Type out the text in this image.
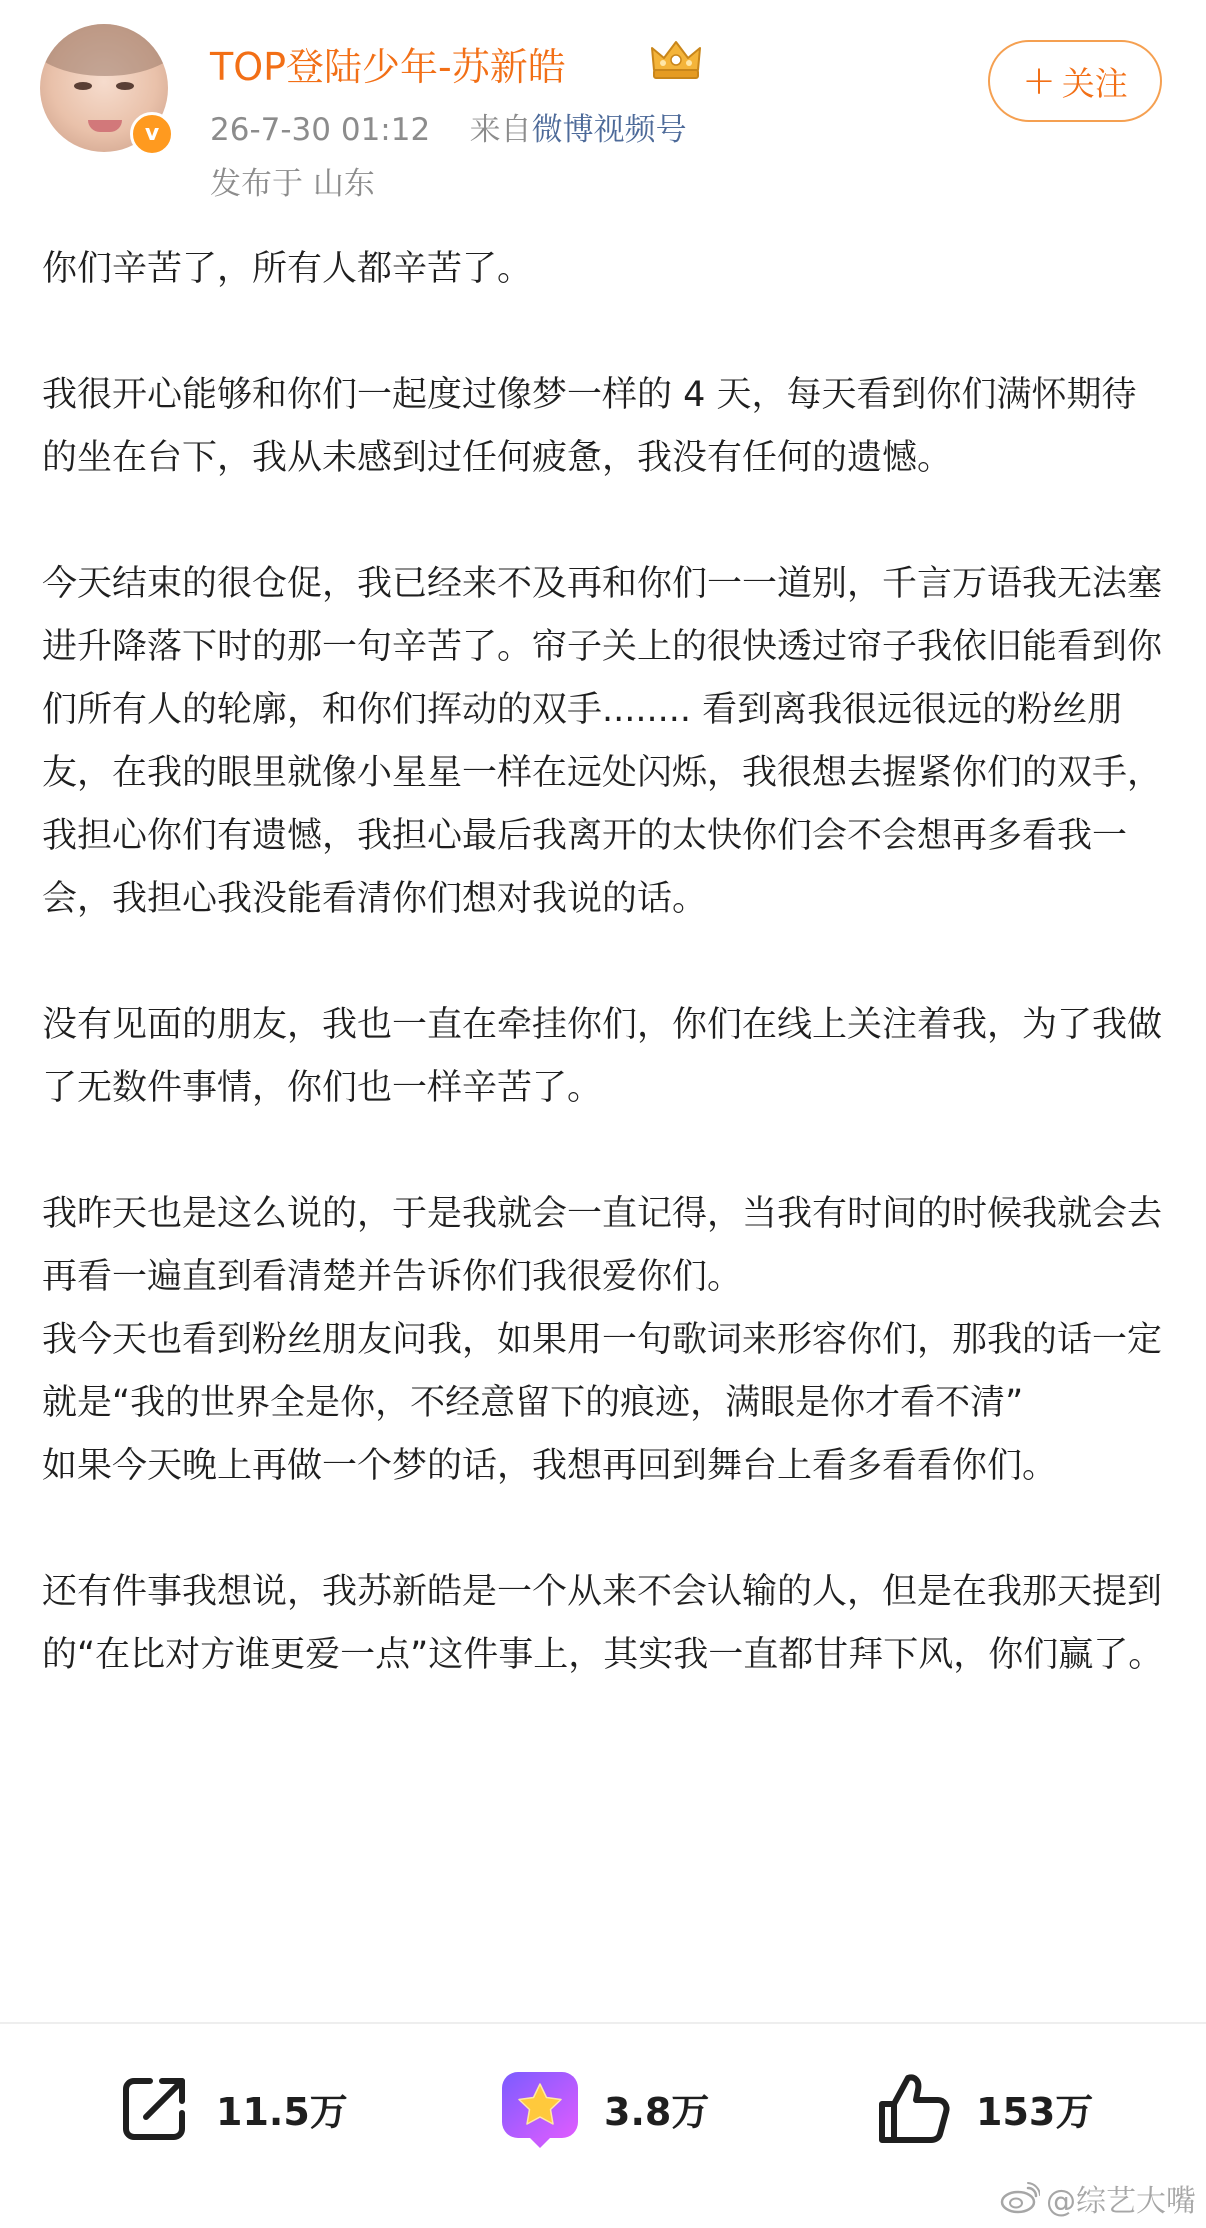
v
TOP登陆少年-苏新皓
26-7-30 01:12 来自微博视频号
发布于 山东
+ 关注

你们辛苦了，所有人都辛苦了。

我很开心能够和你们一起度过像梦一样的 4 天，每天看到你们满怀期待的坐在台下，我从未感到过任何疲惫，我没有任何的遗憾。

今天结束的很仓促，我已经来不及再和你们一一道别，千言万语我无法塞进升降落下时的那一句辛苦了。帘子关上的很快透过帘子我依旧能看到你们所有人的轮廓，和你们挥动的双手........ 看到离我很远很远的粉丝朋友，在我的眼里就像小星星一样在远处闪烁，我很想去握紧你们的双手，我担心你们有遗憾，我担心最后我离开的太快你们会不会想再多看我一会，我担心我没能看清你们想对我说的话。

没有见面的朋友，我也一直在牵挂你们，你们在线上关注着我，为了我做了无数件事情，你们也一样辛苦了。

我昨天也是这么说的，于是我就会一直记得，当我有时间的时候我就会去再看一遍直到看清楚并告诉你们我很爱你们。
我今天也看到粉丝朋友问我，如果用一句歌词来形容你们，那我的话一定就是“我的世界全是你，不经意留下的痕迹，满眼是你才看不清”
如果今天晚上再做一个梦的话，我想再回到舞台上看多看看你们。

还有件事我想说，我苏新皓是一个从来不会认输的人，但是在我那天提到的“在比对方谁更爱一点”这件事上，其实我一直都甘拜下风，你们赢了。

11.5万	3.8万	153万
@综艺大嘴
